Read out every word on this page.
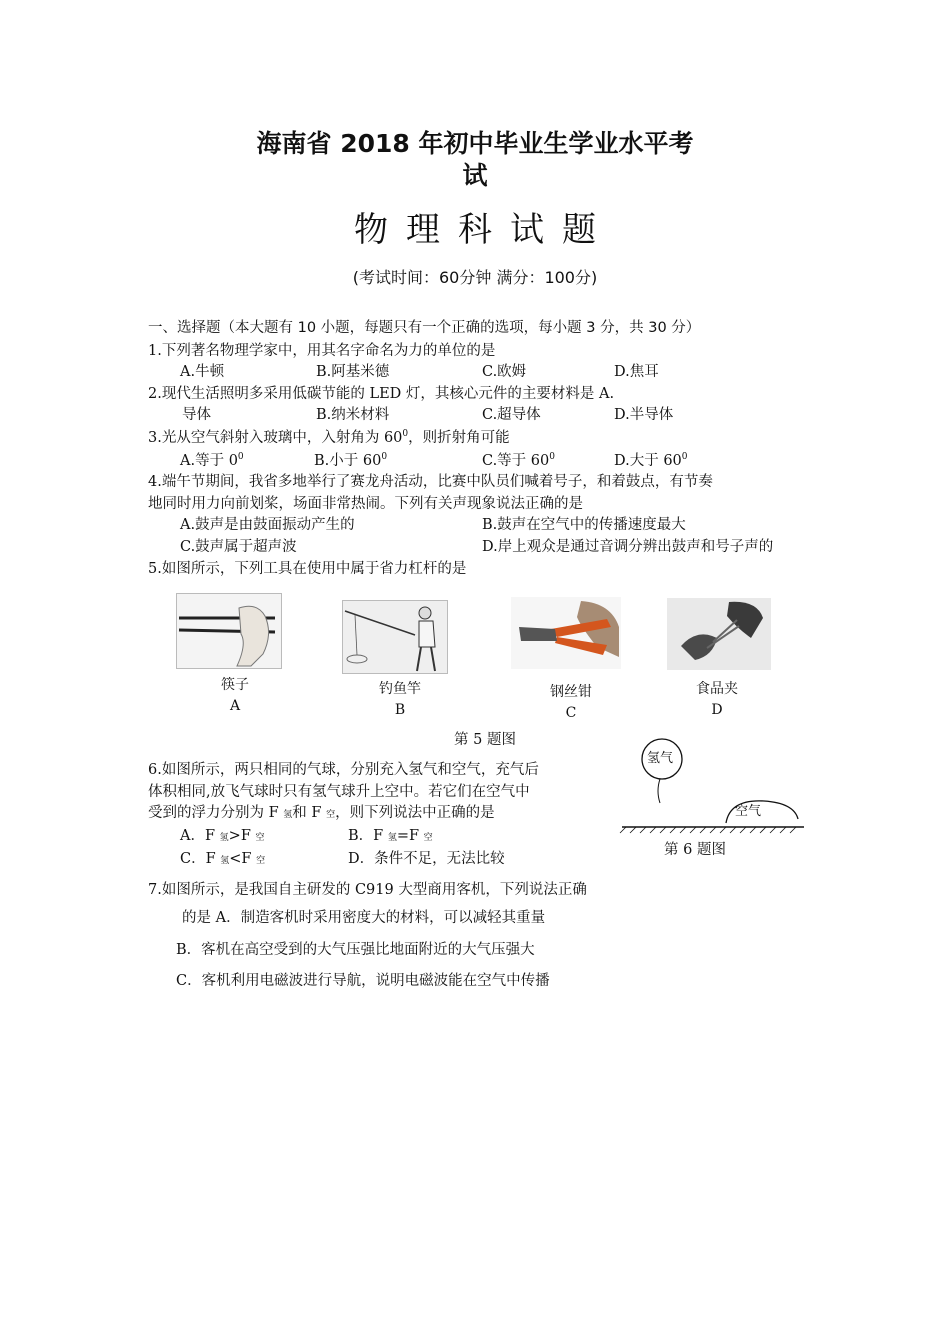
海南省 2018 年初中毕业生学业水平考
试
物理科试题
(考试时间：60分钟 满分：100分)
一、选择题（本大题有 10 小题，每题只有一个正确的选项，每小题 3 分，共 30 分）
1.下列著名物理学家中，用其名字命名为力的单位的是
A.牛顿	B.阿基米德	C.欧姆	D.焦耳
2.现代生活照明多采用低碳节能的 LED 灯，其核心元件的主要材料是 A.
导体	B.纳米材料	C.超导体	D.半导体
3.光从空气斜射入玻璃中，入射角为 $60^0$，则折射角可能
A.等于 $0^0$	B.小于 $60^0$	C.等于 $60^0$	D.大于 $60^0$
4.端午节期间，我省多地举行了赛龙舟活动，比赛中队员们喊着号子，和着鼓点，有节奏
地同时用力向前划桨，场面非常热闹。下列有关声现象说法正确的是
A.鼓声是由鼓面振动产生的	B.鼓声在空气中的传播速度最大
C.鼓声属于超声波	D.岸上观众是通过音调分辨出鼓声和号子声的
5.如图所示，下列工具在使用中属于省力杠杆的是
筷子
A
钓鱼竿
B
钢丝钳
C
食品夹
D
第 5 题图
6.如图所示，两只相同的气球，分别充入氢气和空气，充气后
体积相同,放飞气球时只有氢气球升上空中。若它们在空气中
受到的浮力分别为 F 氢和 F 空，则下列说法中正确的是
A．F 氢>F 空	B．F 氢=F 空
C．F 氢<F 空	D．条件不足，无法比较
氢气
空气
第 6 题图
7.如图所示，是我国自主研发的 C919 大型商用客机，下列说法正确
的是 A．制造客机时采用密度大的材料，可以减轻其重量
B．客机在高空受到的大气压强比地面附近的大气压强大
C．客机利用电磁波进行导航，说明电磁波能在空气中传播
